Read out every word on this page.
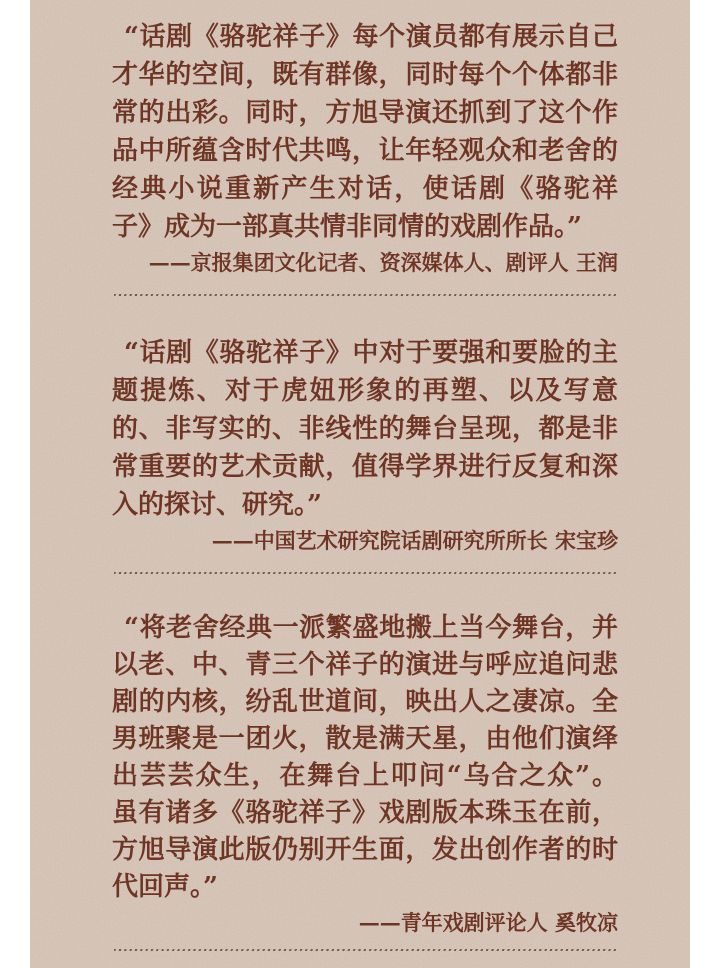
“话剧《骆驼祥子》每个演员都有展示自己

才华的空间，既有群像，同时每个个体都非

常的出彩。同时，方旭导演还抓到了这个作

品中所蕴含时代共鸣，让年轻观众和老舍的

经典小说重新产生对话，使话剧《骆驼祥

子》成为一部真共情非同情的戏剧作品。”

——京报集团文化记者、资深媒体人、剧评人 王润

“话剧《骆驼祥子》中对于要强和要脸的主

题提炼、对于虎妞形象的再塑、以及写意

的、非写实的、非线性的舞台呈现，都是非

常重要的艺术贡献，值得学界进行反复和深

入的探讨、研究。”

——中国艺术研究院话剧研究所所长 宋宝珍

“将老舍经典一派繁盛地搬上当今舞台，并

以老、中、青三个祥子的演进与呼应追问悲

剧的内核，纷乱世道间，映出人之凄凉。全

男班聚是一团火，散是满天星，由他们演绎

出芸芸众生，在舞台上叩问“乌合之众”。

虽有诸多《骆驼祥子》戏剧版本珠玉在前，

方旭导演此版仍别开生面，发出创作者的时

代回声。”

——青年戏剧评论人 奚牧凉
